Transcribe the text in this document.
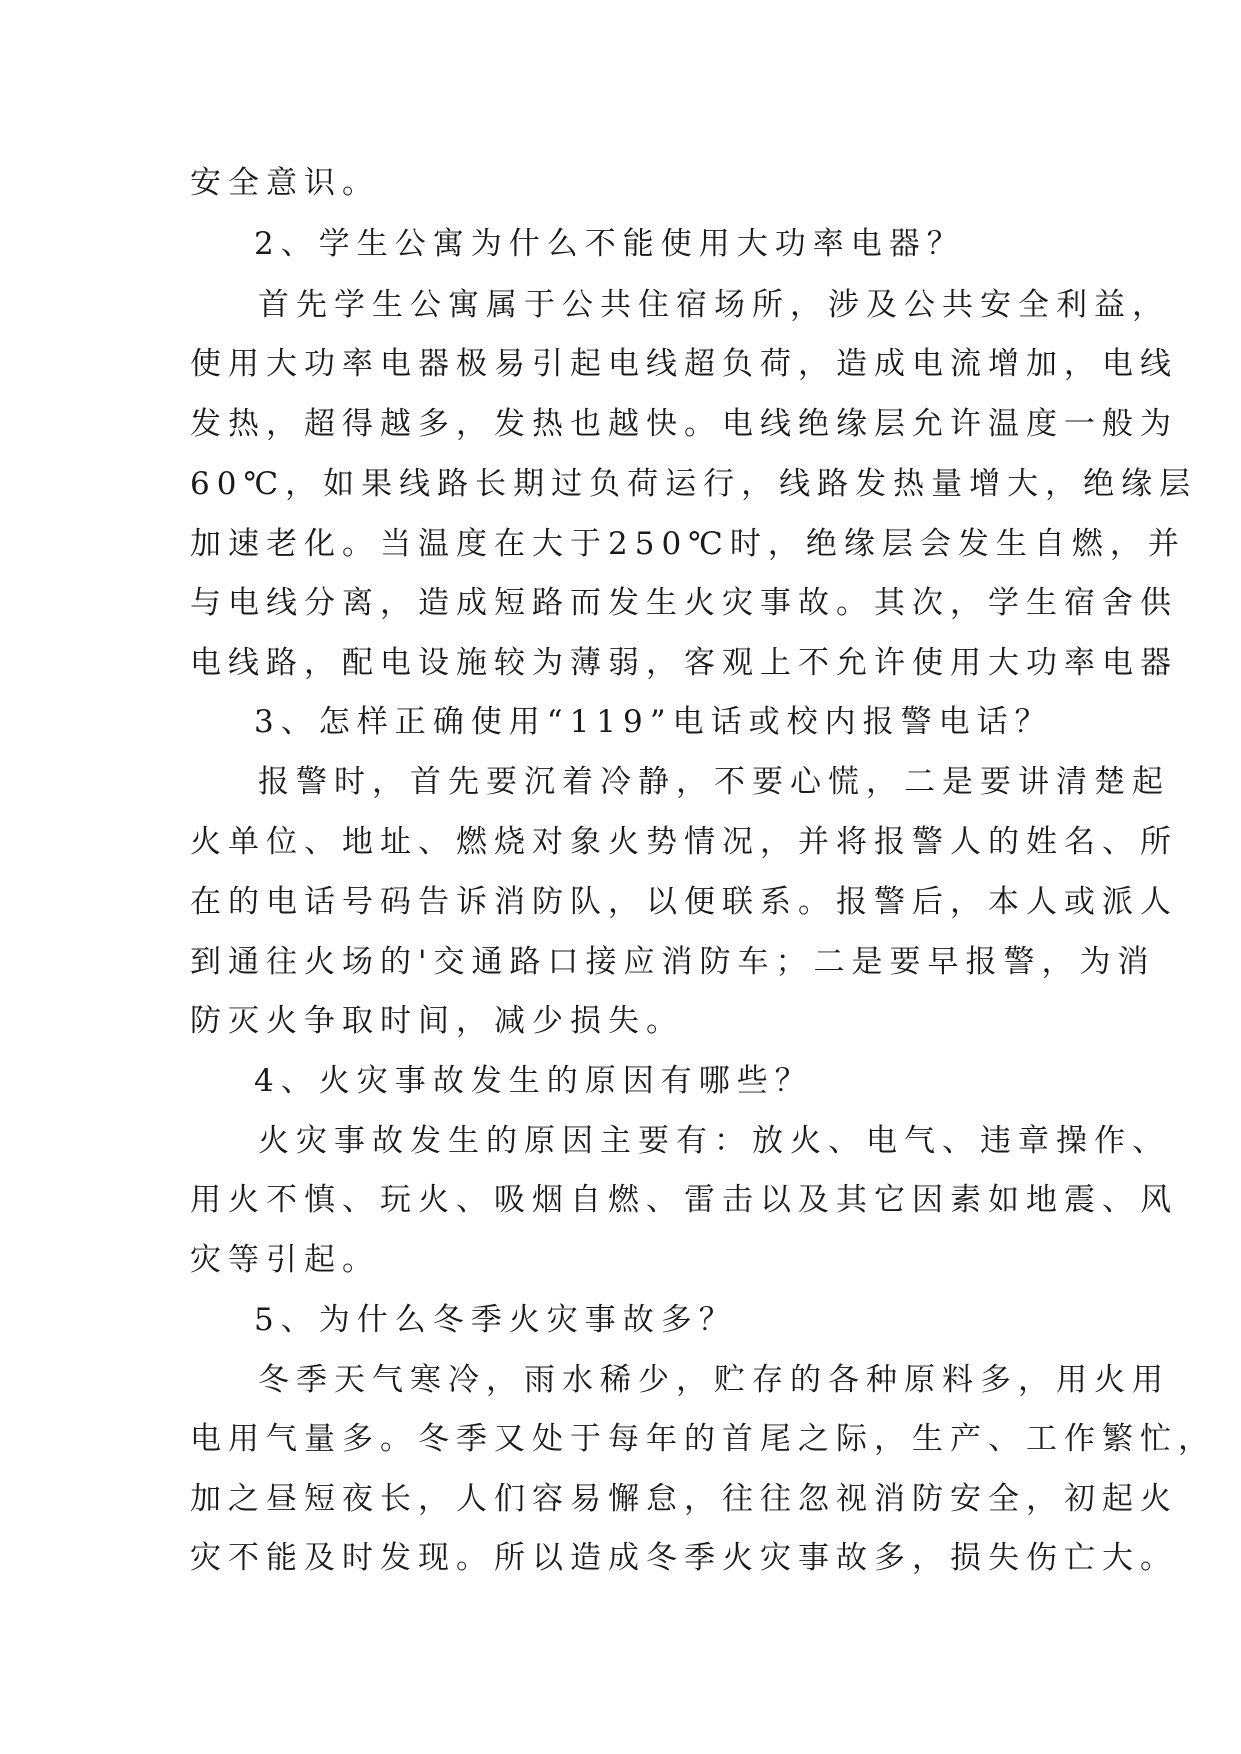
安全意识。
2、学生公寓为什么不能使用大功率电器？
首先学生公寓属于公共住宿场所，涉及公共安全利益，
使用大功率电器极易引起电线超负荷，造成电流增加，电线
发热，超得越多，发热也越快。电线绝缘层允许温度一般为
60℃，如果线路长期过负荷运行，线路发热量增大，绝缘层
加速老化。当温度在大于250℃时，绝缘层会发生自燃，并
与电线分离，造成短路而发生火灾事故。其次，学生宿舍供
电线路，配电设施较为薄弱，客观上不允许使用大功率电器
3、怎样正确使用“119”电话或校内报警电话？
报警时，首先要沉着冷静，不要心慌，二是要讲清楚起
火单位、地址、燃烧对象火势情况，并将报警人的姓名、所
在的电话号码告诉消防队，以便联系。报警后，本人或派人
到通往火场的'交通路口接应消防车；二是要早报警，为消
防灭火争取时间，减少损失。
4、火灾事故发生的原因有哪些？
火灾事故发生的原因主要有：放火、电气、违章操作、
用火不慎、玩火、吸烟自燃、雷击以及其它因素如地震、风
灾等引起。
5、为什么冬季火灾事故多？
冬季天气寒冷，雨水稀少，贮存的各种原料多，用火用
电用气量多。冬季又处于每年的首尾之际，生产、工作繁忙，
加之昼短夜长，人们容易懈怠，往往忽视消防安全，初起火
灾不能及时发现。所以造成冬季火灾事故多，损失伤亡大。
